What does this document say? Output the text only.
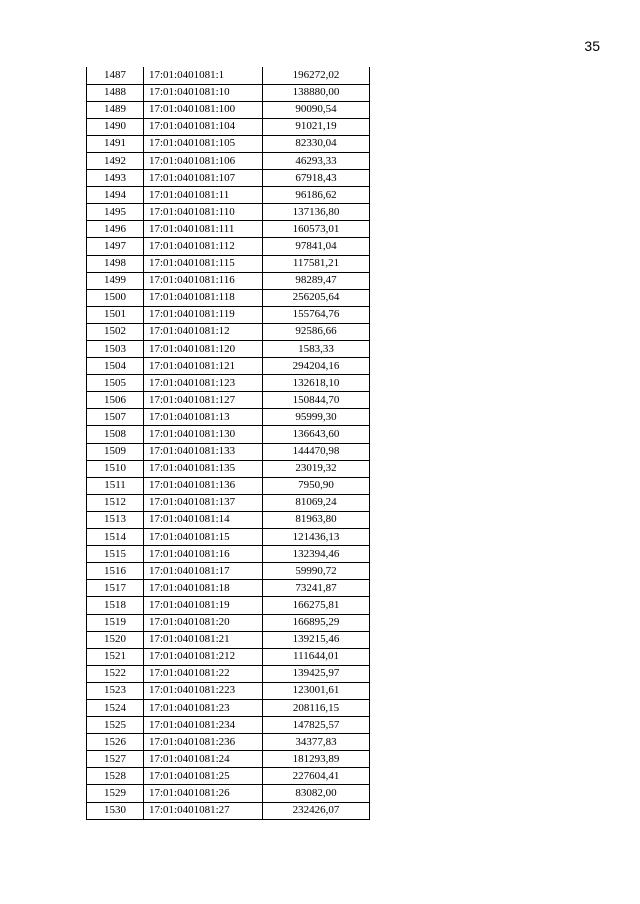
35
1487	17:01:0401081:1	196272,02
1488	17:01:0401081:10	138880,00
1489	17:01:0401081:100	90090,54
1490	17:01:0401081:104	91021,19
1491	17:01:0401081:105	82330,04
1492	17:01:0401081:106	46293,33
1493	17:01:0401081:107	67918,43
1494	17:01:0401081:11	96186,62
1495	17:01:0401081:110	137136,80
1496	17:01:0401081:111	160573,01
1497	17:01:0401081:112	97841,04
1498	17:01:0401081:115	117581,21
1499	17:01:0401081:116	98289,47
1500	17:01:0401081:118	256205,64
1501	17:01:0401081:119	155764,76
1502	17:01:0401081:12	92586,66
1503	17:01:0401081:120	1583,33
1504	17:01:0401081:121	294204,16
1505	17:01:0401081:123	132618,10
1506	17:01:0401081:127	150844,70
1507	17:01:0401081:13	95999,30
1508	17:01:0401081:130	136643,60
1509	17:01:0401081:133	144470,98
1510	17:01:0401081:135	23019,32
1511	17:01:0401081:136	7950,90
1512	17:01:0401081:137	81069,24
1513	17:01:0401081:14	81963,80
1514	17:01:0401081:15	121436,13
1515	17:01:0401081:16	132394,46
1516	17:01:0401081:17	59990,72
1517	17:01:0401081:18	73241,87
1518	17:01:0401081:19	166275,81
1519	17:01:0401081:20	166895,29
1520	17:01:0401081:21	139215,46
1521	17:01:0401081:212	111644,01
1522	17:01:0401081:22	139425,97
1523	17:01:0401081:223	123001,61
1524	17:01:0401081:23	208116,15
1525	17:01:0401081:234	147825,57
1526	17:01:0401081:236	34377,83
1527	17:01:0401081:24	181293,89
1528	17:01:0401081:25	227604,41
1529	17:01:0401081:26	83082,00
1530	17:01:0401081:27	232426,07
